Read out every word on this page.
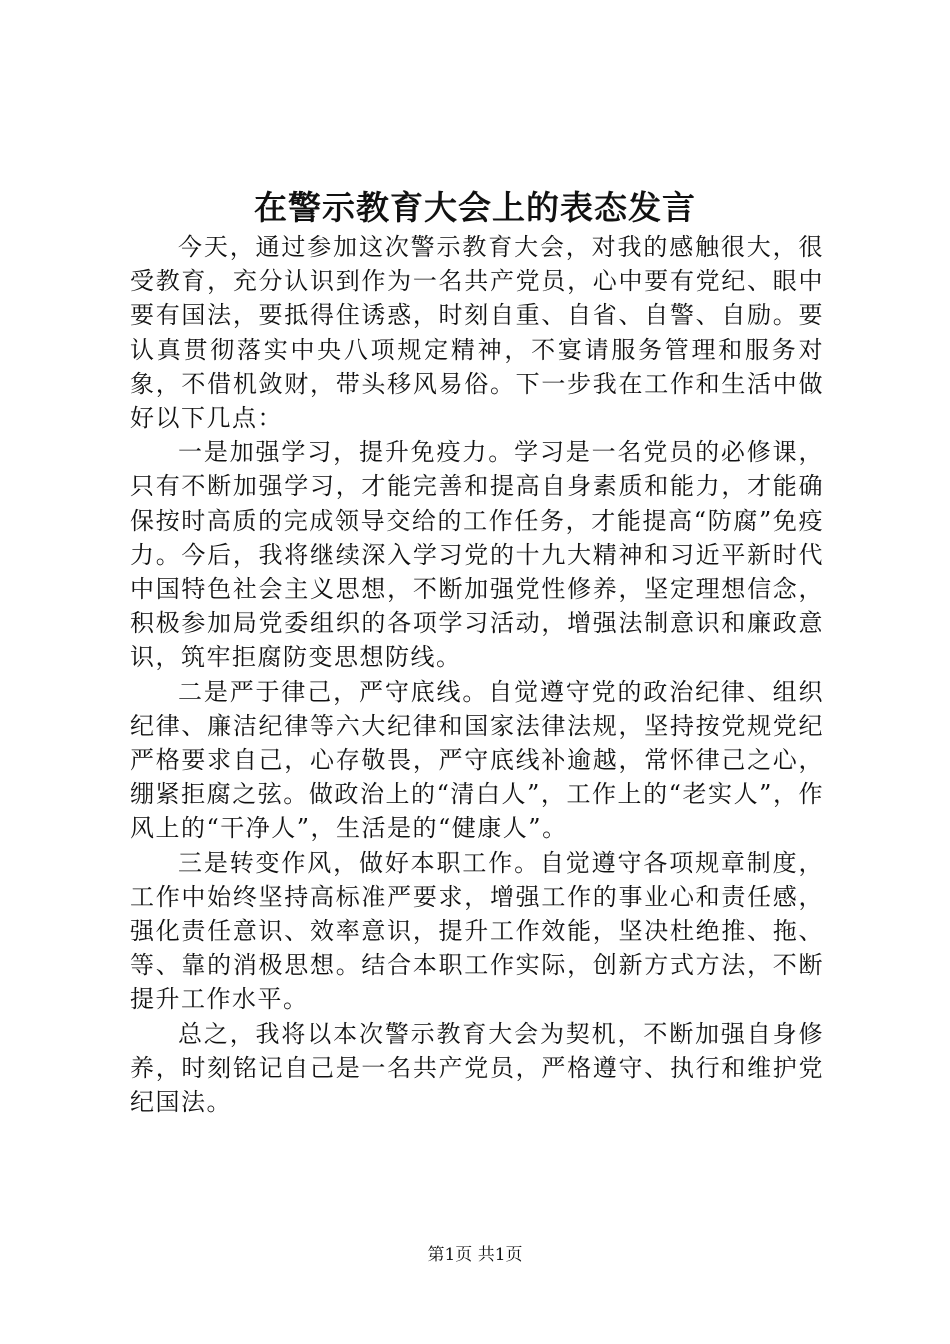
在警示教育大会上的表态发言

今天，通过参加这次警示教育大会，对我的感触很大，很受教育，充分认识到作为一名共产党员，心中要有党纪、眼中要有国法，要抵得住诱惑，时刻自重、自省、自警、自励。要认真贯彻落实中央八项规定精神，不宴请服务管理和服务对象，不借机敛财，带头移风易俗。下一步我在工作和生活中做好以下几点：

一是加强学习，提升免疫力。学习是一名党员的必修课，只有不断加强学习，才能完善和提高自身素质和能力，才能确保按时高质的完成领导交给的工作任务，才能提高“防腐”免疫力。今后，我将继续深入学习党的十九大精神和习近平新时代中国特色社会主义思想，不断加强党性修养，坚定理想信念，积极参加局党委组织的各项学习活动，增强法制意识和廉政意识，筑牢拒腐防变思想防线。

二是严于律己，严守底线。自觉遵守党的政治纪律、组织纪律、廉洁纪律等六大纪律和国家法律法规，坚持按党规党纪严格要求自己，心存敬畏，严守底线补逾越，常怀律己之心，绷紧拒腐之弦。做政治上的“清白人”，工作上的“老实人”，作风上的“干净人”，生活是的“健康人”。

三是转变作风，做好本职工作。自觉遵守各项规章制度，工作中始终坚持高标准严要求，增强工作的事业心和责任感，强化责任意识、效率意识，提升工作效能，坚决杜绝推、拖、等、靠的消极思想。结合本职工作实际，创新方式方法，不断提升工作水平。

总之，我将以本次警示教育大会为契机，不断加强自身修养，时刻铭记自己是一名共产党员，严格遵守、执行和维护党纪国法。

第1页 共1页
